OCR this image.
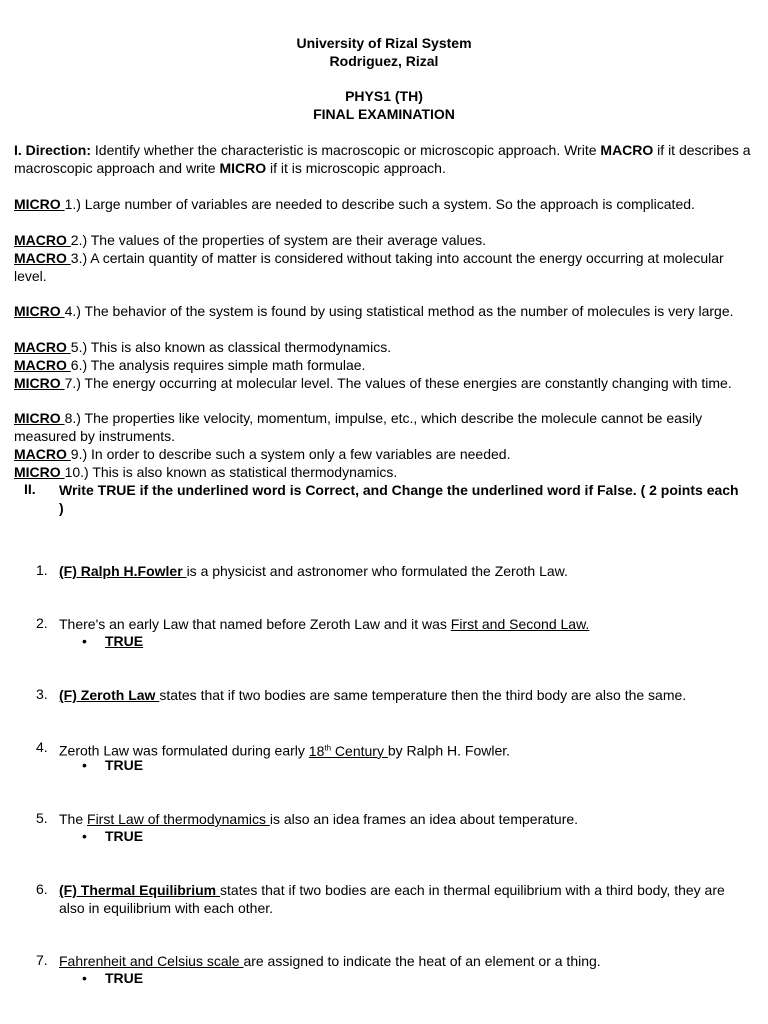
University of Rizal System
Rodriguez, Rizal
PHYS1 (TH)
FINAL EXAMINATION
I. Direction: Identify whether the characteristic is macroscopic or microscopic approach. Write MACRO if it describes a macroscopic approach and write MICRO if it is microscopic approach.
MICRO 1.) Large number of variables are needed to describe such a system. So the approach is complicated.
MACRO 2.) The values of the properties of system are their average values.
MACRO 3.) A certain quantity of matter is considered without taking into account the energy occurring at molecular level.
MICRO 4.) The behavior of the system is found by using statistical method as the number of molecules is very large.
MACRO 5.) This is also known as classical thermodynamics.
MACRO 6.) The analysis requires simple math formulae.
MICRO 7.) The energy occurring at molecular level. The values of these energies are constantly changing with time.
MICRO 8.) The properties like velocity, momentum, impulse, etc., which describe the molecule cannot be easily measured by instruments.
MACRO 9.) In order to describe such a system only a few variables are needed.
MICRO 10.) This is also known as statistical thermodynamics.
II. Write TRUE if the underlined word is Correct, and Change the underlined word if False. ( 2 points each )
1. (F) Ralph H.Fowler is a physicist and astronomer who formulated the Zeroth Law.
2. There's an early Law that named before Zeroth Law and it was First and Second Law.
• TRUE
3. (F) Zeroth Law states that if two bodies are same temperature then the third body are also the same.
4. Zeroth Law was formulated during early 18th Century by Ralph H. Fowler.
• TRUE
5. The First Law of thermodynamics is also an idea frames an idea about temperature.
• TRUE
6. (F) Thermal Equilibrium states that if two bodies are each in thermal equilibrium with a third body, they are also in equilibrium with each other.
7. Fahrenheit and Celsius scale are assigned to indicate the heat of an element or a thing.
• TRUE
